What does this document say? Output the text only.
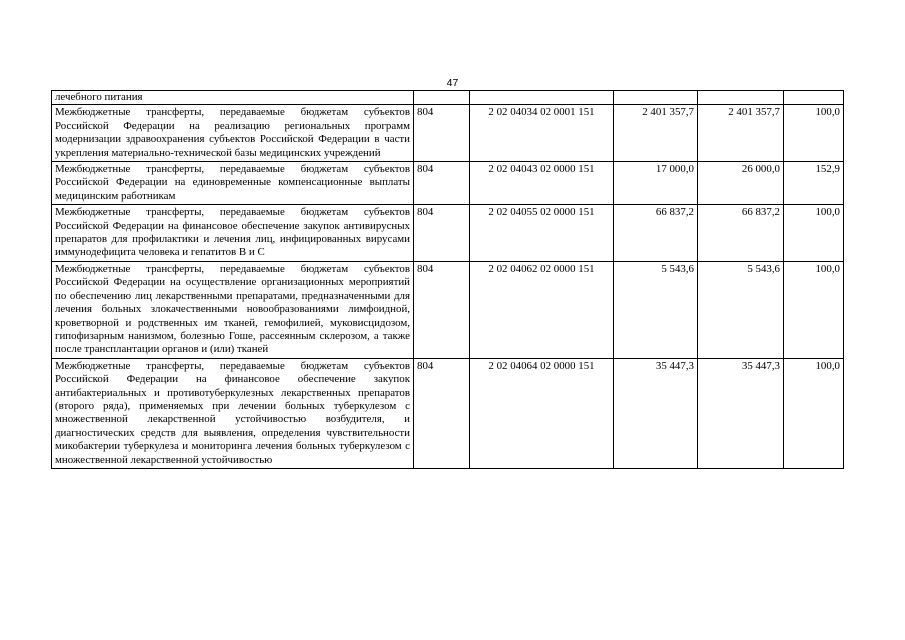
47
лечебного питания					
Межбюджетные трансферты, передаваемые бюджетам субъектов Российской Федерации на реализацию региональных программ модернизации здравоохранения субъектов Российской Федерации в части укрепления материально-технической базы медицинских учреждений	804	2 02 04034 02 0001 151	2 401 357,7	2 401 357,7	100,0
Межбюджетные трансферты, передаваемые бюджетам субъектов Российской Федерации на единовременные компенсационные выплаты медицинским работникам	804	2 02 04043 02 0000 151	17 000,0	26 000,0	152,9
Межбюджетные трансферты, передаваемые бюджетам субъектов Российской Федерации на финансовое обеспечение закупок антивирусных препаратов для профилактики и лечения лиц, инфицированных вирусами иммунодефицита человека и гепатитов B и C	804	2 02 04055 02 0000 151	66 837,2	66 837,2	100,0
Межбюджетные трансферты, передаваемые бюджетам субъектов Российской Федерации на осуществление организационных мероприятий по обеспечению лиц лекарственными препаратами, предназначенными для лечения больных злокачественными новообразованиями лимфоидной, кроветворной и родственных им тканей, гемофилией, муковисцидозом, гипофизарным нанизмом, болезнью Гоше, рассеянным склерозом, а также после трансплантации органов и (или) тканей	804	2 02 04062 02 0000 151	5 543,6	5 543,6	100,0
Межбюджетные трансферты, передаваемые бюджетам субъектов Российской Федерации на финансовое обеспечение закупок антибактериальных и противотуберкулезных лекарственных препаратов (второго ряда), применяемых при лечении больных туберкулезом с множественной лекарственной устойчивостью возбудителя, и диагностических средств для выявления, определения чувствительности микобактерии туберкулеза и мониторинга лечения больных туберкулезом с множественной лекарственной устойчивостью	804	2 02 04064 02 0000 151	35 447,3	35 447,3	100,0
